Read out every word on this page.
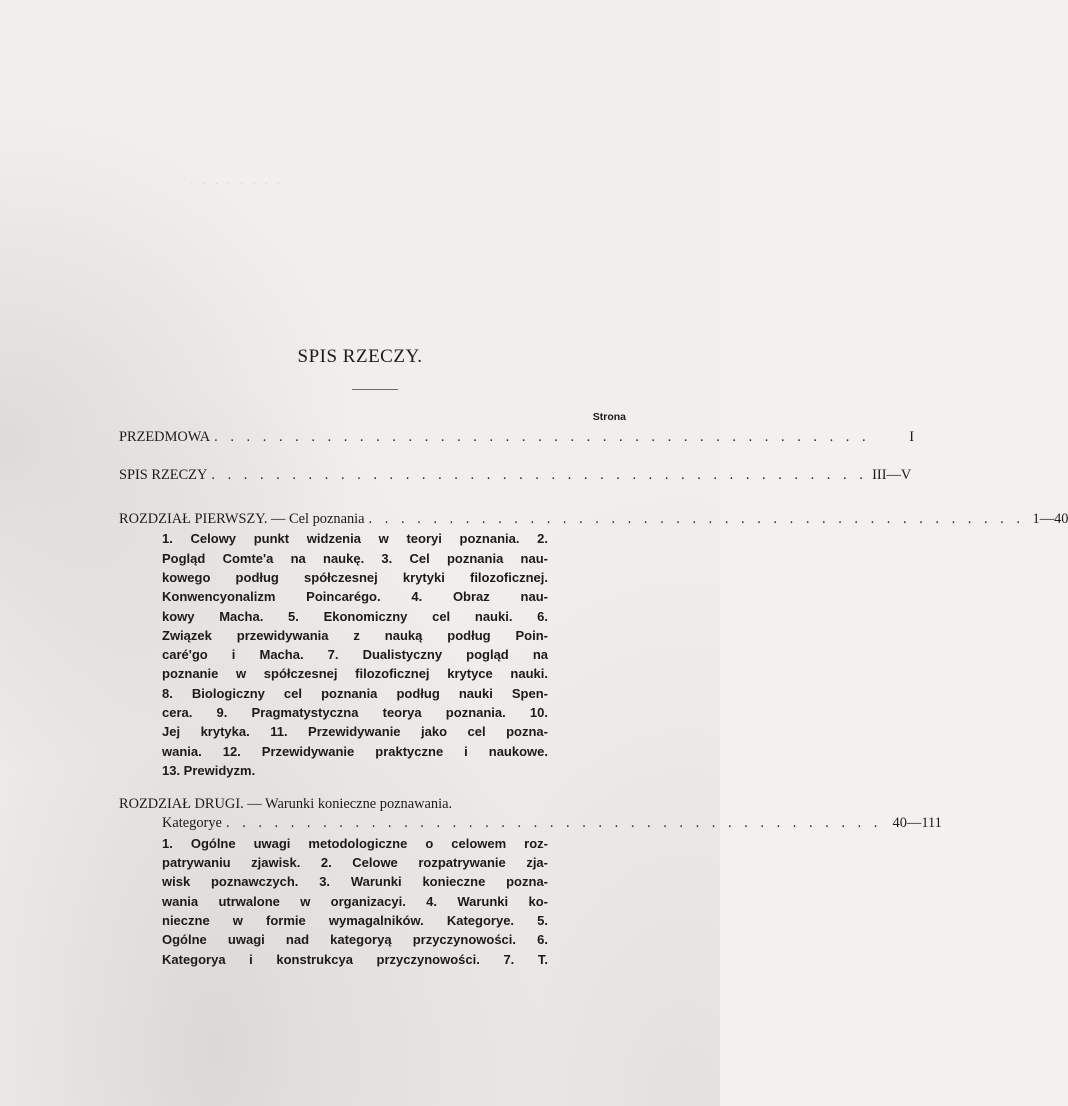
· · · · · · · ·
SPIS RZECZY.
Strona
PRZEDMOWA . . . . . . . . . . . . . . . . . . . . . . . . . . . . . . . . . . . . . . . . .	I
SPIS RZECZY . . . . . . . . . . . . . . . . . . . . . . . . . . . . . . . . . . . . . . . . . III—V
ROZDZIAŁ PIERWSZY. — Cel poznania . . . . . . . . . . . . . . . . . . . . . . . . . . . . . . . . . . . . . . . . . 1—40
1. Celowy punkt widzenia w teoryi poznania. 2.
Pogląd Comte'a na naukę. 3. Cel poznania nau-
kowego podług spółczesnej krytyki filozoficznej.
Konwencyonalizm Poincarégo. 4. Obraz nau-
kowy Macha. 5. Ekonomiczny cel nauki. 6.
Związek przewidywania z nauką podług Poin-
caré'go i Macha. 7. Dualistyczny pogląd na
poznanie w spółczesnej filozoficznej krytyce nauki.
8. Biologiczny cel poznania podług nauki Spen-
cera. 9. Pragmatystyczna teorya poznania. 10.
Jej krytyka. 11. Przewidywanie jako cel pozna-
wania. 12. Przewidywanie praktyczne i naukowe.
13. Prewidyzm.
ROZDZIAŁ DRUGI. — Warunki konieczne poznawania.
Kategorye . . . . . . . . . . . . . . . . . . . . . . . . . . . . . . . . . . . . . . . . . 40—111
1. Ogólne uwagi metodologiczne o celowem roz-
patrywaniu zjawisk. 2. Celowe rozpatrywanie zja-
wisk poznawczych. 3. Warunki konieczne pozna-
wania utrwalone w organizacyi. 4. Warunki ko-
nieczne w formie wymagalników. Kategorye. 5.
Ogólne uwagi nad kategoryą przyczynowości. 6.
Kategorya i konstrukcya przyczynowości. 7. T.
